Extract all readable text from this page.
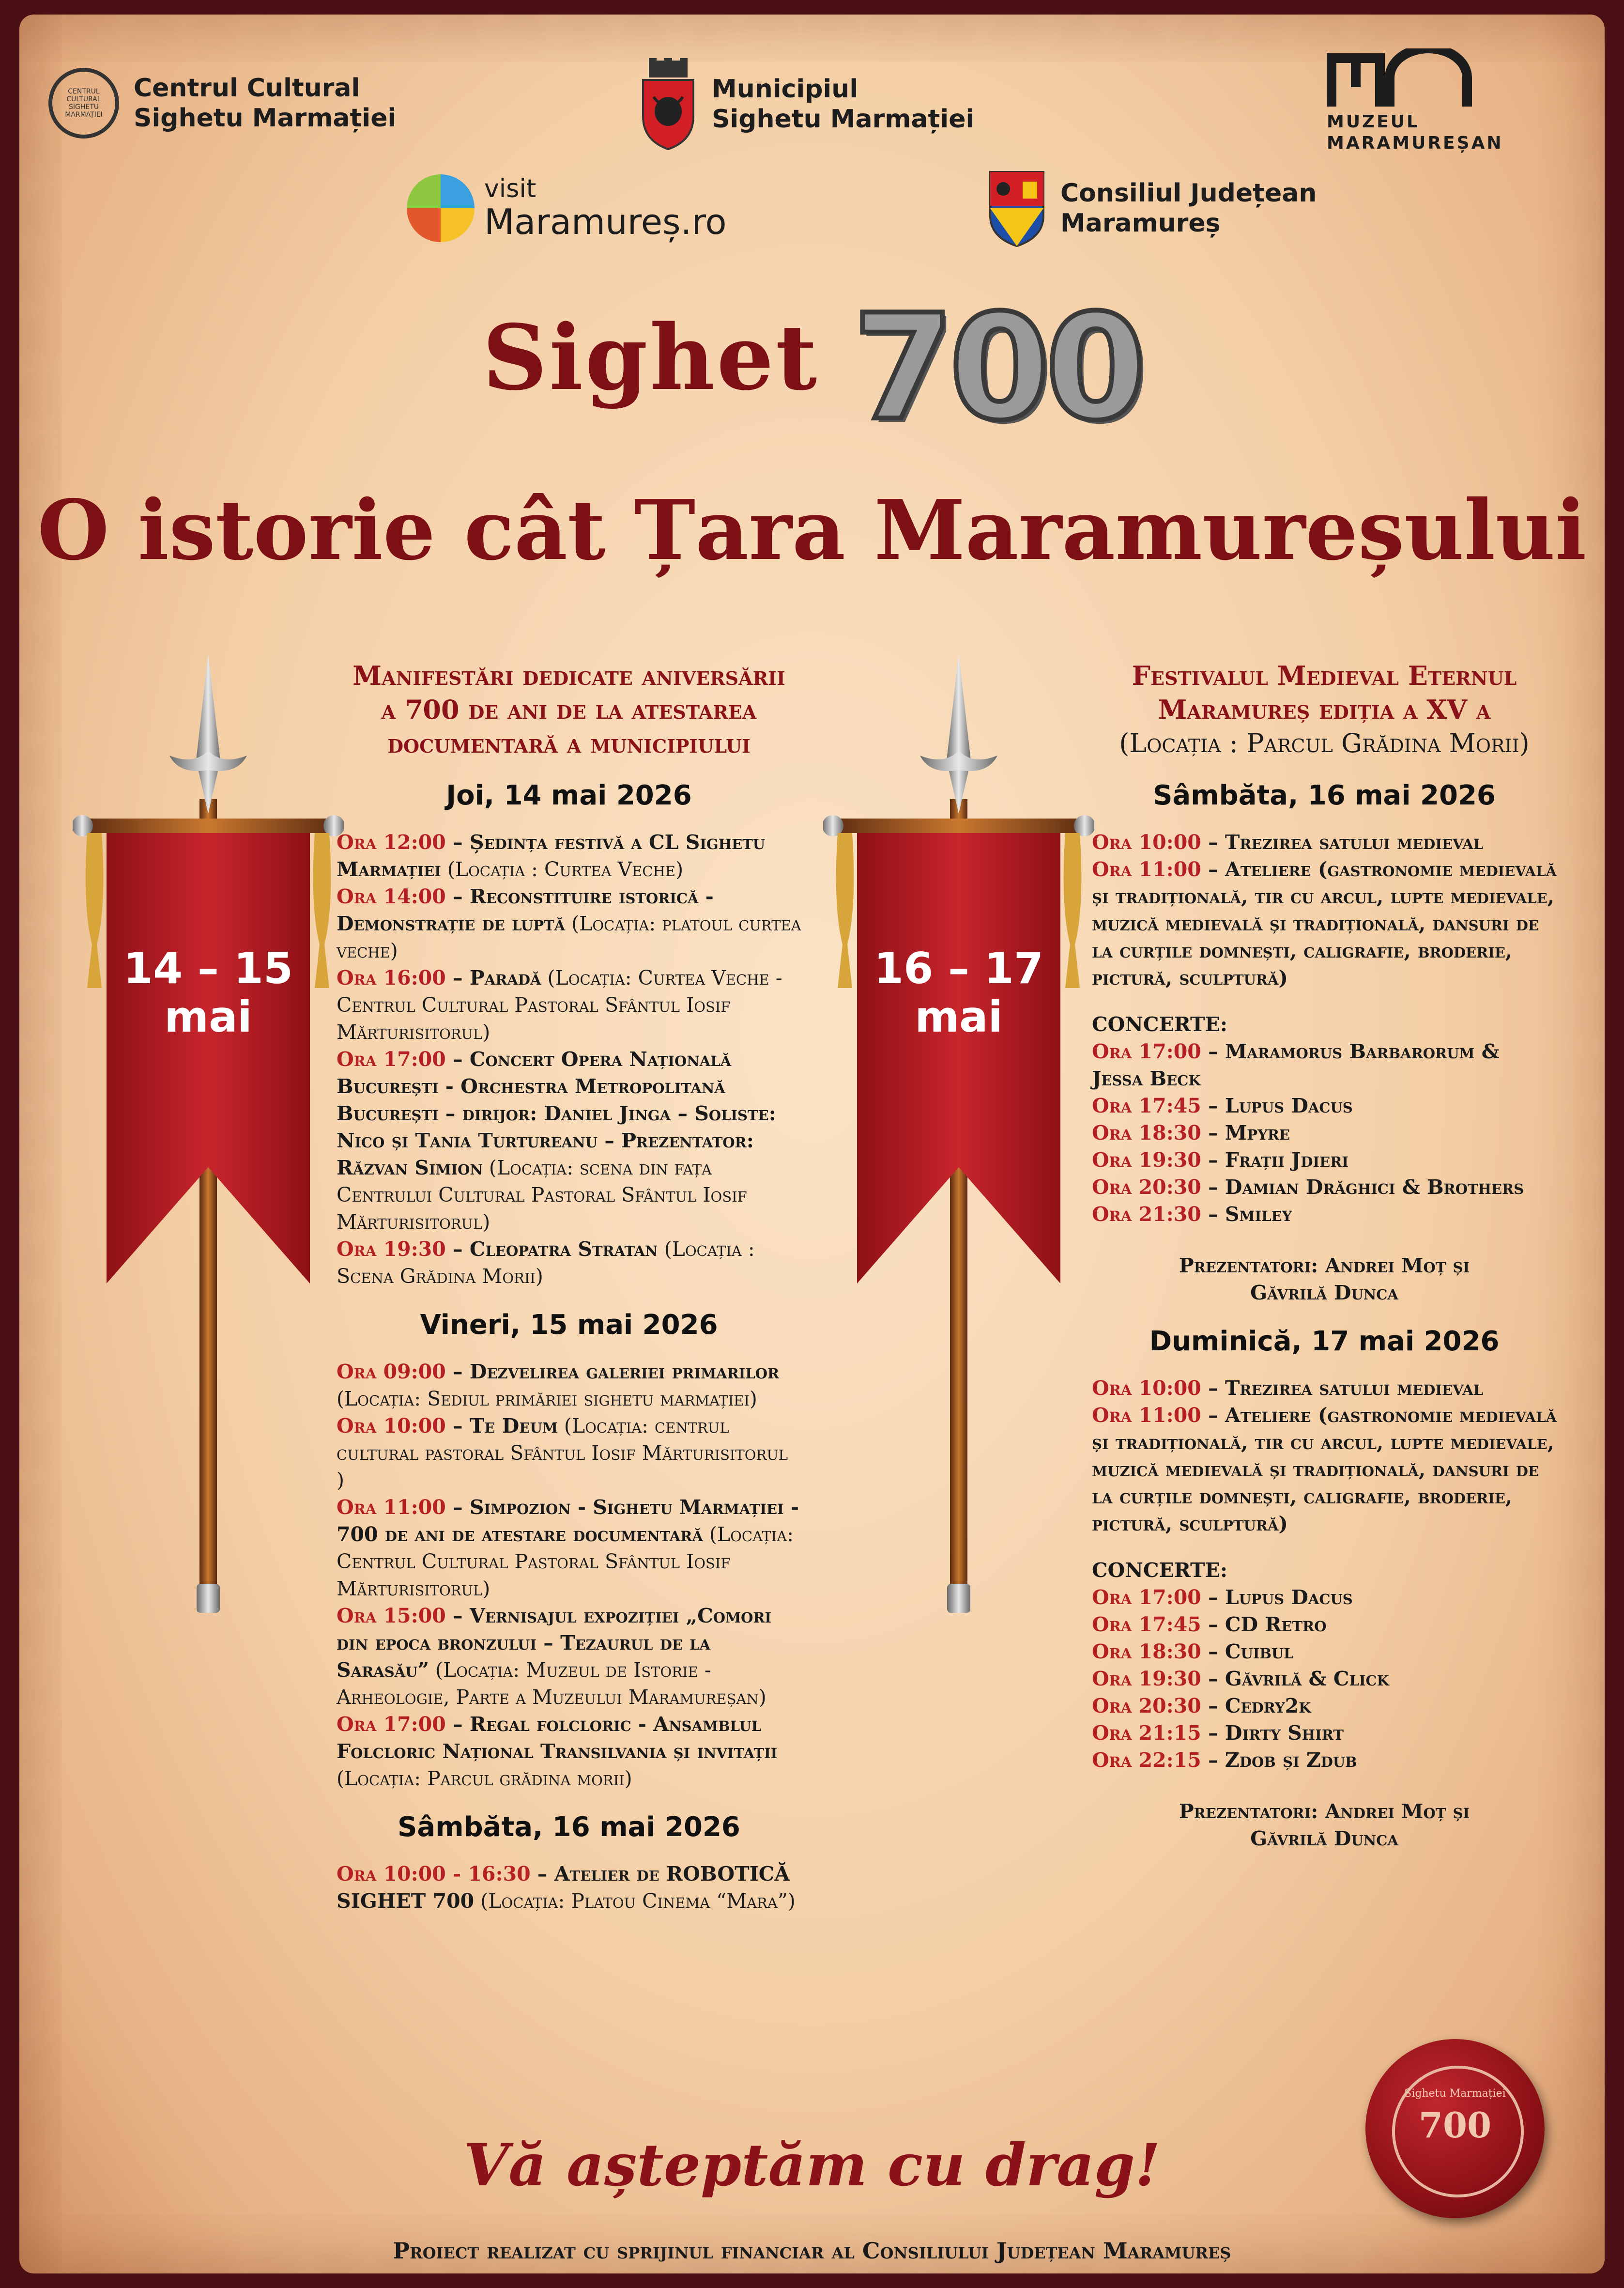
CENTRUL CULTURAL SIGHETU MARMAȚIEI
Centrul Cultural
Sighetu Marmației
Municipiul
Sighetu Marmației	MUZEUL
MARAMUREȘAN
visit
Maramureș.ro
Consiliul Județean
Maramureș
Sighet 700
O istorie cât Țara Maramureșului
14 – 15
mai
16 – 17
mai
Manifestări dedicate aniversării
a 700 de ani de la atestarea
documentară a municipiului
Joi, 14 mai 2026

Ora 12:00 – Ședința festivă a CL Sighetu Marmației (Locația : Curtea Veche)

Ora 14:00 – Reconstituire istorică - Demonstrație de luptă (Locația: platoul curtea veche)

Ora 16:00 – Paradă (Locația: Curtea Veche - Centrul Cultural Pastoral Sfântul Iosif Mărturisitorul)

Ora 17:00 – Concert Opera Națională București - Orchestra Metropolitană București – dirijor: Daniel Jinga – Soliste: Nico și Tania Turtureanu – Prezentator: Răzvan Simion (Locația: scena din fața Centrului Cultural Pastoral Sfântul Iosif Mărturisitorul)

Ora 19:30 – Cleopatra Stratan (Locația : Scena Grădina Morii)

Vineri, 15 mai 2026

Ora 09:00 – Dezvelirea galeriei primarilor (Locația: Sediul primăriei sighetu marmației)

Ora 10:00 – Te Deum (Locația: centrul cultural pastoral Sfântul Iosif Mărturisitorul )

Ora 11:00 – Simpozion - Sighetu Marmației - 700 de ani de atestare documentară (Locația: Centrul Cultural Pastoral Sfântul Iosif Mărturisitorul)

Ora 15:00 – Vernisajul expoziției „Comori din epoca bronzului – Tezaurul de la Sarasău” (Locația: Muzeul de Istorie - Arheologie, Parte a Muzeului Maramureșan)

Ora 17:00 – Regal folcloric - Ansamblul Folcloric Național Transilvania și invitații (Locația: Parcul grădina morii)

Sâmbăta, 16 mai 2026

Ora 10:00 - 16:30 – Atelier de ROBOTICĂ SIGHET 700 (Locația: Platou Cinema “Mara”)

Festivalul Medieval Eternul
Maramureș ediția a XV a
(Locația : Parcul Grădina Morii)
Sâmbăta, 16 mai 2026

Ora 10:00 – Trezirea satului medieval

Ora 11:00 – Ateliere (gastronomie medievală și tradițională, tir cu arcul, lupte medievale, muzică medievală și tradițională, dansuri de la curțile domnești, caligrafie, broderie, pictură, sculptură)

CONCERTE:

Ora 17:00 – Maramorus Barbarorum & Jessa Beck

Ora 17:45 – Lupus Dacus

Ora 18:30 – Mpyre

Ora 19:30 – Frații Jdieri

Ora 20:30 – Damian Drăghici & Brothers

Ora 21:30 – Smiley

Prezentatori: Andrei Moț și
Găvrilă Dunca
Duminică, 17 mai 2026

Ora 10:00 – Trezirea satului medieval

Ora 11:00 – Ateliere (gastronomie medievală și tradițională, tir cu arcul, lupte medievale, muzică medievală și tradițională, dansuri de la curțile domnești, caligrafie, broderie, pictură, sculptură)

CONCERTE:

Ora 17:00 – Lupus Dacus

Ora 17:45 – CD Retro

Ora 18:30 – Cuibul

Ora 19:30 – Găvrilă & Click

Ora 20:30 – Cedry2k

Ora 21:15 – Dirty Shirt

Ora 22:15 – Zdob și Zdub

Prezentatori: Andrei Moț și
Găvrilă Dunca
Sighetu Marmației
700
Vă așteptăm cu drag!
Proiect realizat cu sprijinul financiar al Consiliului Județean Maramureș
